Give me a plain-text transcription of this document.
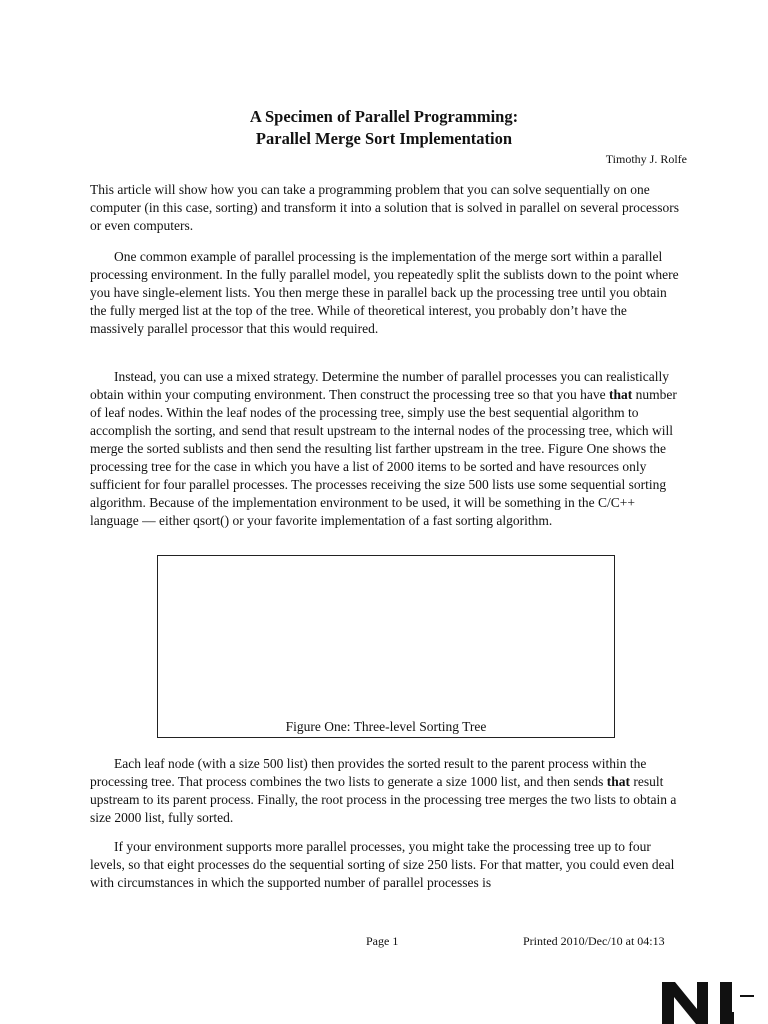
A Specimen of Parallel Programming:
Parallel Merge Sort Implementation
Timothy J. Rolfe

This article will show how you can take a programming problem that you can solve sequentially on one computer (in this case, sorting) and transform it into a solution that is solved in parallel on several processors or even computers.

One common example of parallel processing is the implementation of the merge sort within a parallel processing environment. In the fully parallel model, you repeatedly split the sublists down to the point where you have single-element lists. You then merge these in parallel back up the processing tree until you obtain the fully merged list at the top of the tree. While of theoretical interest, you probably don’t have the massively parallel processor that this would required.

Instead, you can use a mixed strategy. Determine the number of parallel processes you can realistically obtain within your computing environment. Then construct the processing tree so that you have that number of leaf nodes. Within the leaf nodes of the processing tree, simply use the best sequential algorithm to accomplish the sorting, and send that result upstream to the internal nodes of the processing tree, which will merge the sorted sublists and then send the resulting list farther upstream in the tree. Figure One shows the processing tree for the case in which you have a list of 2000 items to be sorted and have resources only sufficient for four parallel processes. The processes receiving the size 500 lists use some sequential sorting algorithm. Because of the implementation environment to be used, it will be something in the C/C++ language — either qsort() or your favorite implementation of a fast sorting algorithm.

Figure One: Three-level Sorting Tree

Each leaf node (with a size 500 list) then provides the sorted result to the parent process within the processing tree. That process combines the two lists to generate a size 1000 list, and then sends that result upstream to its parent process. Finally, the root process in the processing tree merges the two lists to obtain a size 2000 list, fully sorted.

If your environment supports more parallel processes, you might take the processing tree up to four levels, so that eight processes do the sequential sorting of size 250 lists. For that matter, you could even deal with circumstances in which the supported number of parallel processes is

Page 1	Printed 2010/Dec/10 at 04:13
